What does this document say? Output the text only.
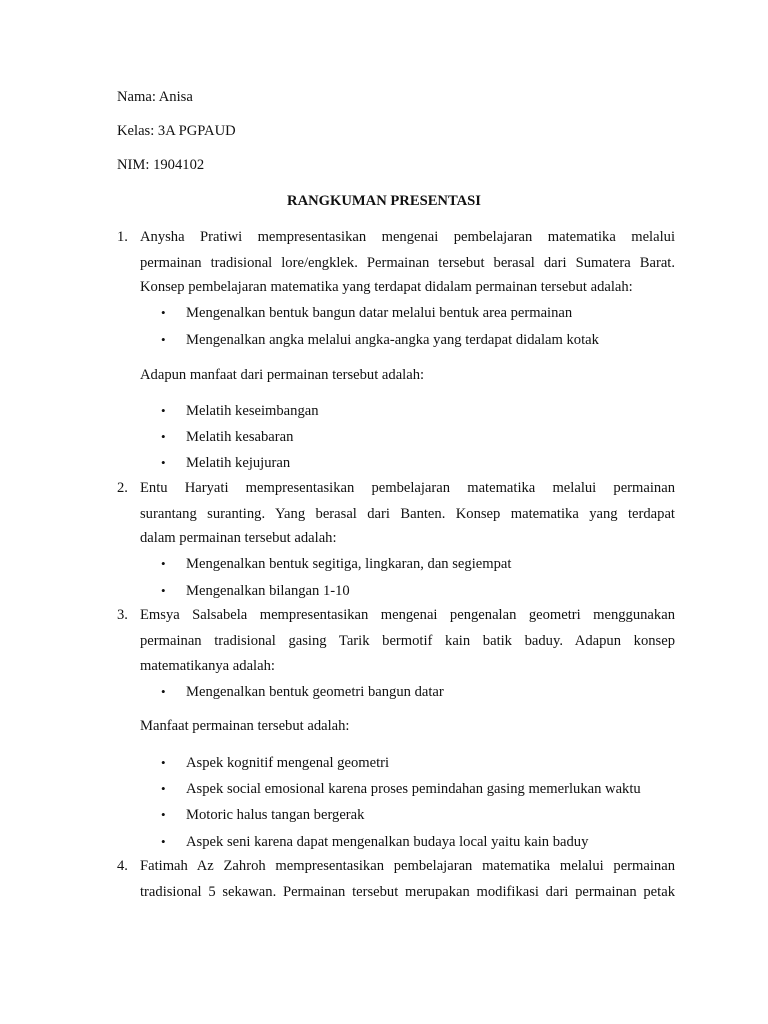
Nama: Anisa
Kelas: 3A PGPAUD
NIM: 1904102
RANGKUMAN PRESENTASI
1. Anysha Pratiwi mempresentasikan mengenai pembelajaran matematika melalui
permainan tradisional lore/engklek. Permainan tersebut berasal dari Sumatera Barat.
Konsep pembelajaran matematika yang terdapat didalam permainan tersebut adalah:
• Mengenalkan bentuk bangun datar melalui bentuk area permainan
• Mengenalkan angka melalui angka-angka yang terdapat didalam kotak
Adapun manfaat dari permainan tersebut adalah:
• Melatih keseimbangan
• Melatih kesabaran
• Melatih kejujuran
2. Entu Haryati mempresentasikan pembelajaran matematika melalui permainan
surantang suranting. Yang berasal dari Banten. Konsep matematika yang terdapat
dalam permainan tersebut adalah:
• Mengenalkan bentuk segitiga, lingkaran, dan segiempat
• Mengenalkan bilangan 1-10
3. Emsya Salsabela mempresentasikan mengenai pengenalan geometri menggunakan
permainan tradisional gasing Tarik bermotif kain batik baduy. Adapun konsep
matematikanya adalah:
• Mengenalkan bentuk geometri bangun datar
Manfaat permainan tersebut adalah:
• Aspek kognitif mengenal geometri
• Aspek social emosional karena proses pemindahan gasing memerlukan waktu
• Motoric halus tangan bergerak
• Aspek seni karena dapat mengenalkan budaya local yaitu kain baduy
4. Fatimah Az Zahroh mempresentasikan pembelajaran matematika melalui permainan
tradisional 5 sekawan. Permainan tersebut merupakan modifikasi dari permainan petak
